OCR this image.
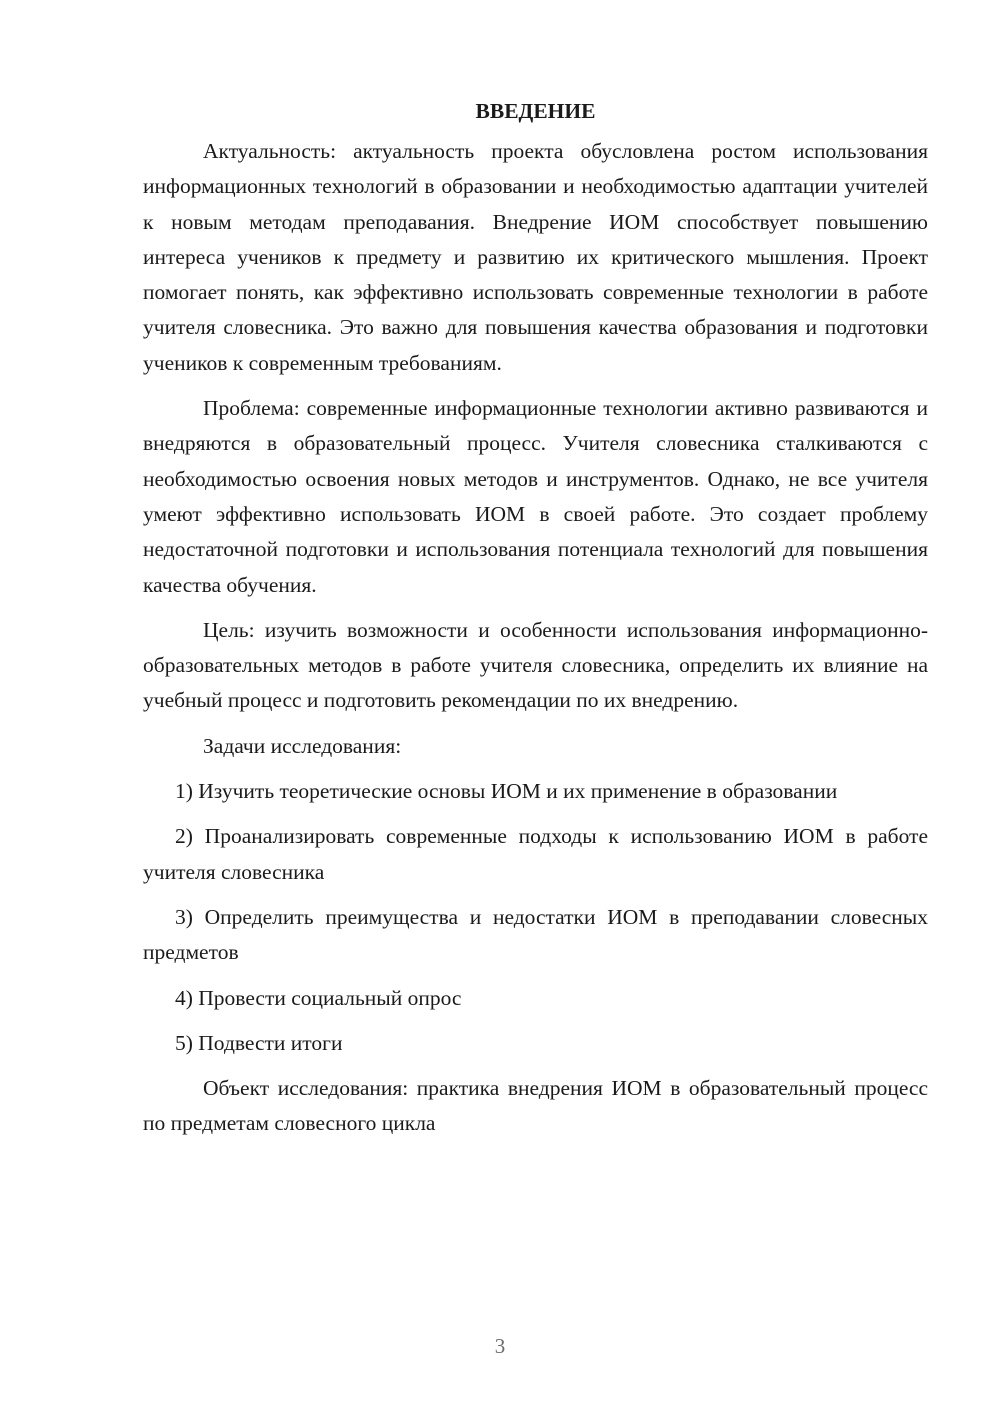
ВВЕДЕНИЕ

Актуальность: актуальность проекта обусловлена ростом использования информационных технологий в образовании и необходимостью адаптации учителей к новым методам преподавания. Внедрение ИОМ способствует повышению интереса учеников к предмету и развитию их критического мышления. Проект помогает понять, как эффективно использовать современные технологии в работе учителя словесника. Это важно для повышения качества образования и подготовки учеников к современным требованиям.

Проблема: современные информационные технологии активно развиваются и внедряются в образовательный процесс. Учителя словесника сталкиваются с необходимостью освоения новых методов и инструментов. Однако, не все учителя умеют эффективно использовать ИОМ в своей работе. Это создает проблему недостаточной подготовки и использования потенциала технологий для повышения качества обучения.

Цель: изучить возможности и особенности использования информационно-образовательных методов в работе учителя словесника, определить их влияние на учебный процесс и подготовить рекомендации по их внедрению.

Задачи исследования:

1) Изучить теоретические основы ИОМ и их применение в образовании

2) Проанализировать современные подходы к использованию ИОМ в работе учителя словесника

3) Определить преимущества и недостатки ИОМ в преподавании словесных предметов

4) Провести социальный опрос

5) Подвести итоги

Объект исследования: практика внедрения ИОМ в образовательный процесс по предметам словесного цикла

3
